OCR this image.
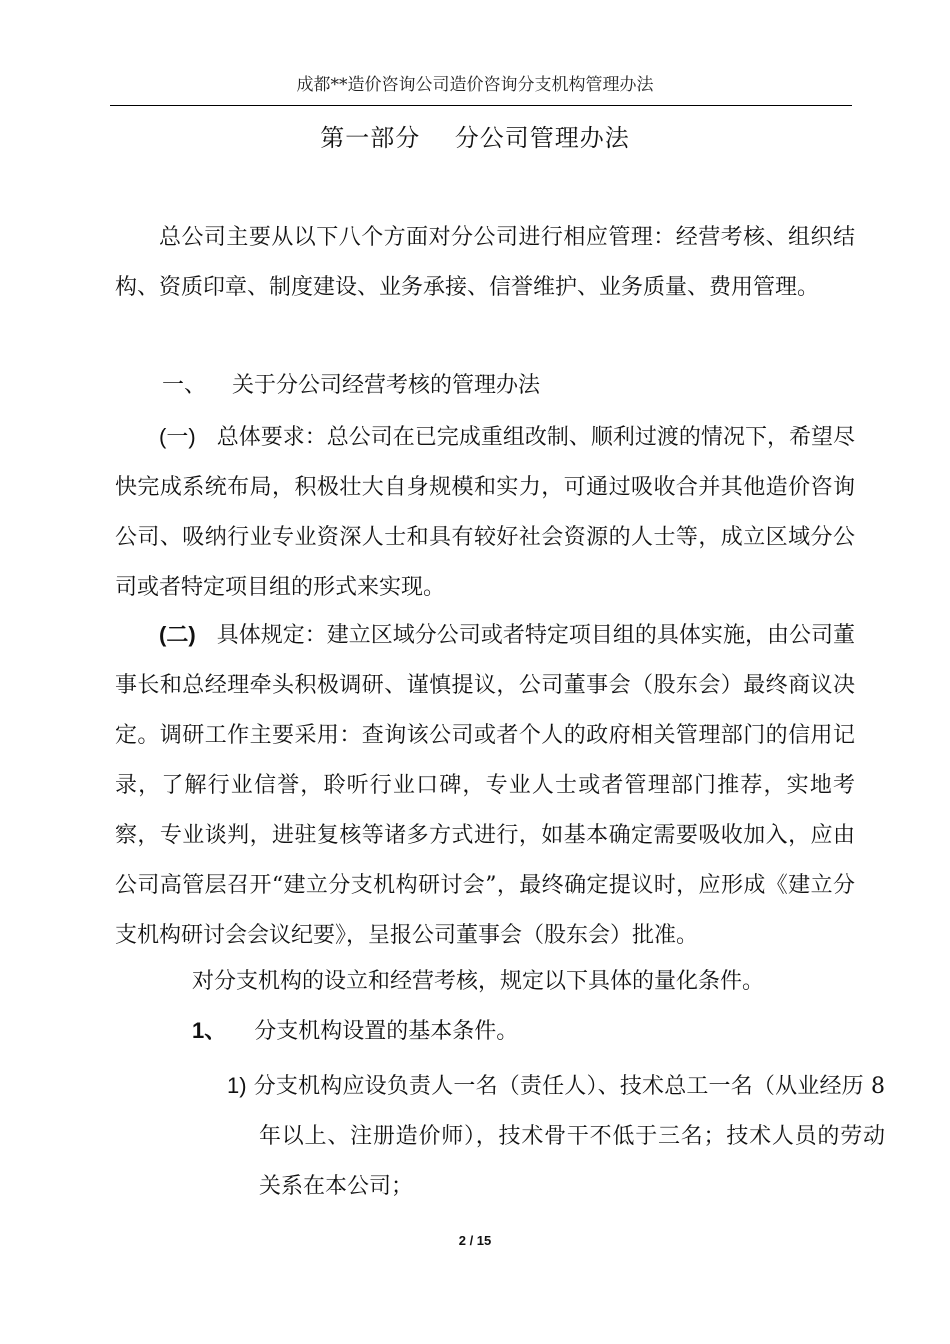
成都**造价咨询公司造价咨询分支机构管理办法
第一部分    分公司管理办法
总公司主要从以下八个方面对分公司进行相应管理：经营考核、组织结构、资质印章、制度建设、业务承接、信誉维护、业务质量、费用管理。
一、 关于分公司经营考核的管理办法
(一) 总体要求：总公司在已完成重组改制、顺利过渡的情况下，希望尽快完成系统布局，积极壮大自身规模和实力，可通过吸收合并其他造价咨询公司、吸纳行业专业资深人士和具有较好社会资源的人士等，成立区域分公司或者特定项目组的形式来实现。
(二) 具体规定：建立区域分公司或者特定项目组的具体实施，由公司董事长和总经理牵头积极调研、谨慎提议，公司董事会（股东会）最终商议决定。调研工作主要采用：查询该公司或者个人的政府相关管理部门的信用记录，了解行业信誉，聆听行业口碑，专业人士或者管理部门推荐，实地考察，专业谈判，进驻复核等诸多方式进行，如基本确定需要吸收加入，应由公司高管层召开“建立分支机构研讨会”，最终确定提议时，应形成《建立分支机构研讨会会议纪要》，呈报公司董事会（股东会）批准。
对分支机构的设立和经营考核，规定以下具体的量化条件。
1、 分支机构设置的基本条件。
1) 分支机构应设负责人一名（责任人）、技术总工一名（从业经历 8 年以上、注册造价师），技术骨干不低于三名；技术人员的劳动关系在本公司；
2 / 15
